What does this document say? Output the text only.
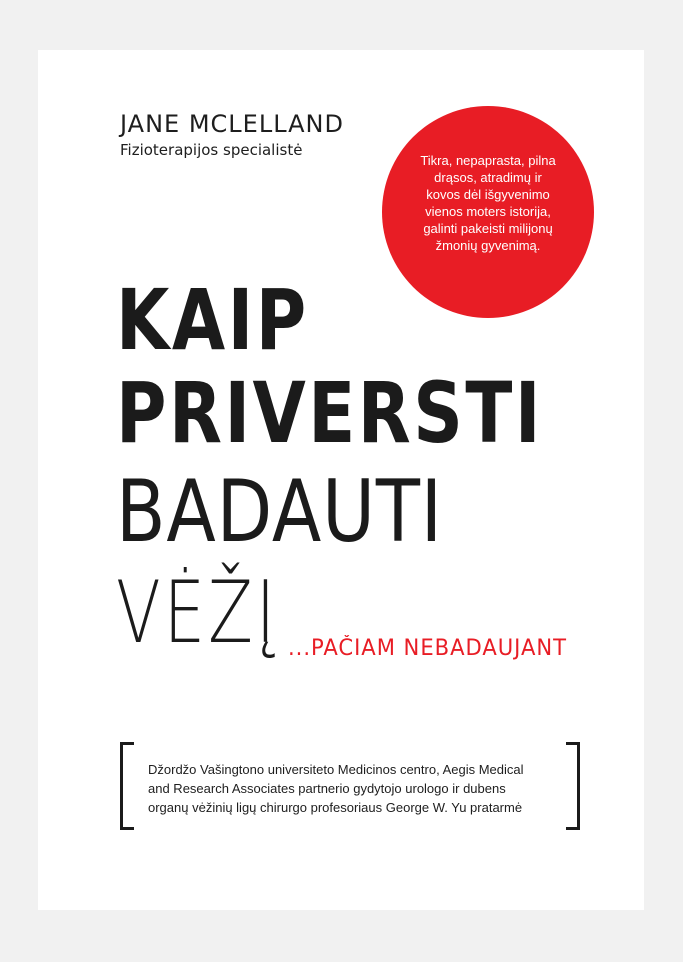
JANE MCLELLAND
Fizioterapijos specialistė
Tikra, nepaprasta, pilna
drąsos, atradimų ir
kovos dėl išgyvenimo
vienos moters istorija,
galinti pakeisti milijonų
žmonių gyvenimą.
KAIP
PRIVERSTI
BADAUTI
VĖŽĮ ...PAČIAM NEBADAUJANT
Džordžo Vašingtono universiteto Medicinos centro, Aegis Medical
and Research Associates partnerio gydytojo urologo ir dubens
organų vėžinių ligų chirurgo profesoriaus George W. Yu pratarmė
